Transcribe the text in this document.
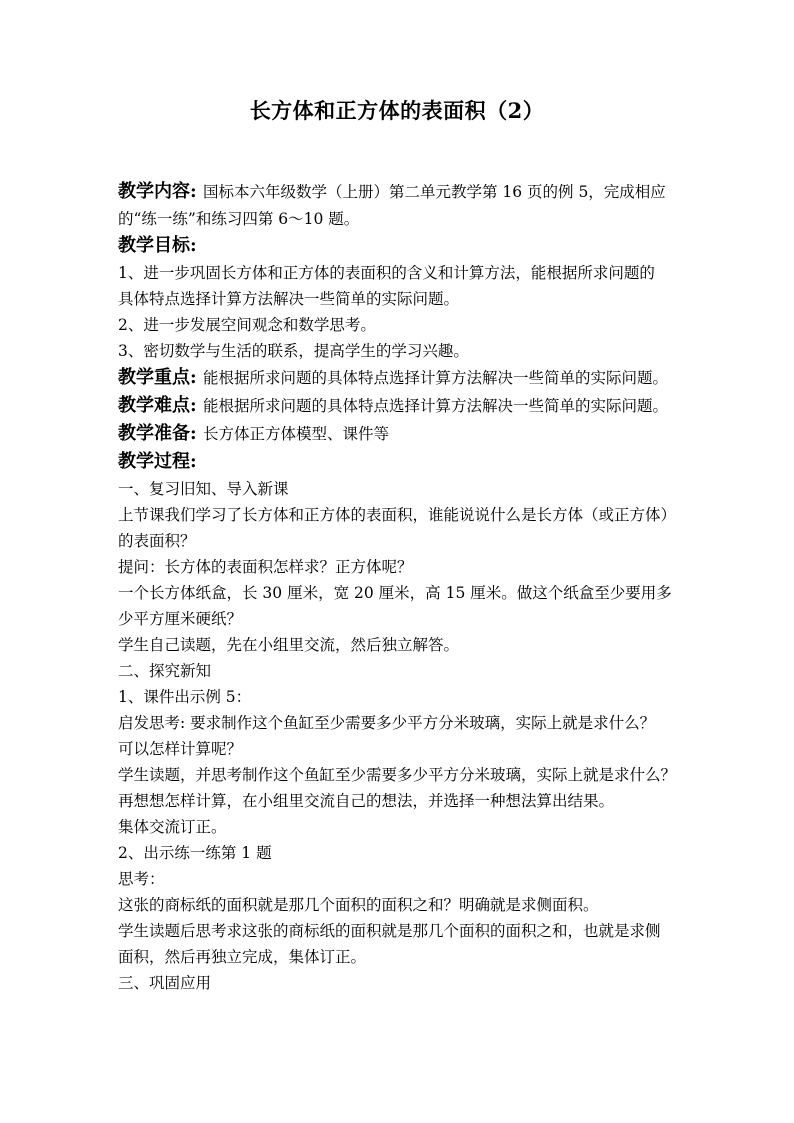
长方体和正方体的表面积（2）
教学内容: 国标本六年级数学（上册）第二单元教学第 16 页的例 5，完成相应
的“练一练”和练习四第 6～10 题。
教学目标:
1、进一步巩固长方体和正方体的表面积的含义和计算方法，能根据所求问题的
具体特点选择计算方法解决一些简单的实际问题。
2、进一步发展空间观念和数学思考。
3、密切数学与生活的联系，提高学生的学习兴趣。
教学重点: 能根据所求问题的具体特点选择计算方法解决一些简单的实际问题。
教学难点: 能根据所求问题的具体特点选择计算方法解决一些简单的实际问题。
教学准备: 长方体正方体模型、课件等
教学过程:
一、复习旧知、导入新课
上节课我们学习了长方体和正方体的表面积，谁能说说什么是长方体（或正方体）
的表面积？
提问：长方体的表面积怎样求？正方体呢？
一个长方体纸盒，长 30 厘米，宽 20 厘米，高 15 厘米。做这个纸盒至少要用多
少平方厘米硬纸？
学生自己读题，先在小组里交流，然后独立解答。
二、探究新知
1、课件出示例 5：
启发思考: 要求制作这个鱼缸至少需要多少平方分米玻璃，实际上就是求什么？
可以怎样计算呢？
学生读题，并思考制作这个鱼缸至少需要多少平方分米玻璃，实际上就是求什么？
再想想怎样计算，在小组里交流自己的想法，并选择一种想法算出结果。
集体交流订正。
2、出示练一练第 1 题
思考：
这张的商标纸的面积就是那几个面积的面积之和？明确就是求侧面积。
学生读题后思考求这张的商标纸的面积就是那几个面积的面积之和，也就是求侧
面积，然后再独立完成，集体订正。
三、巩固应用
